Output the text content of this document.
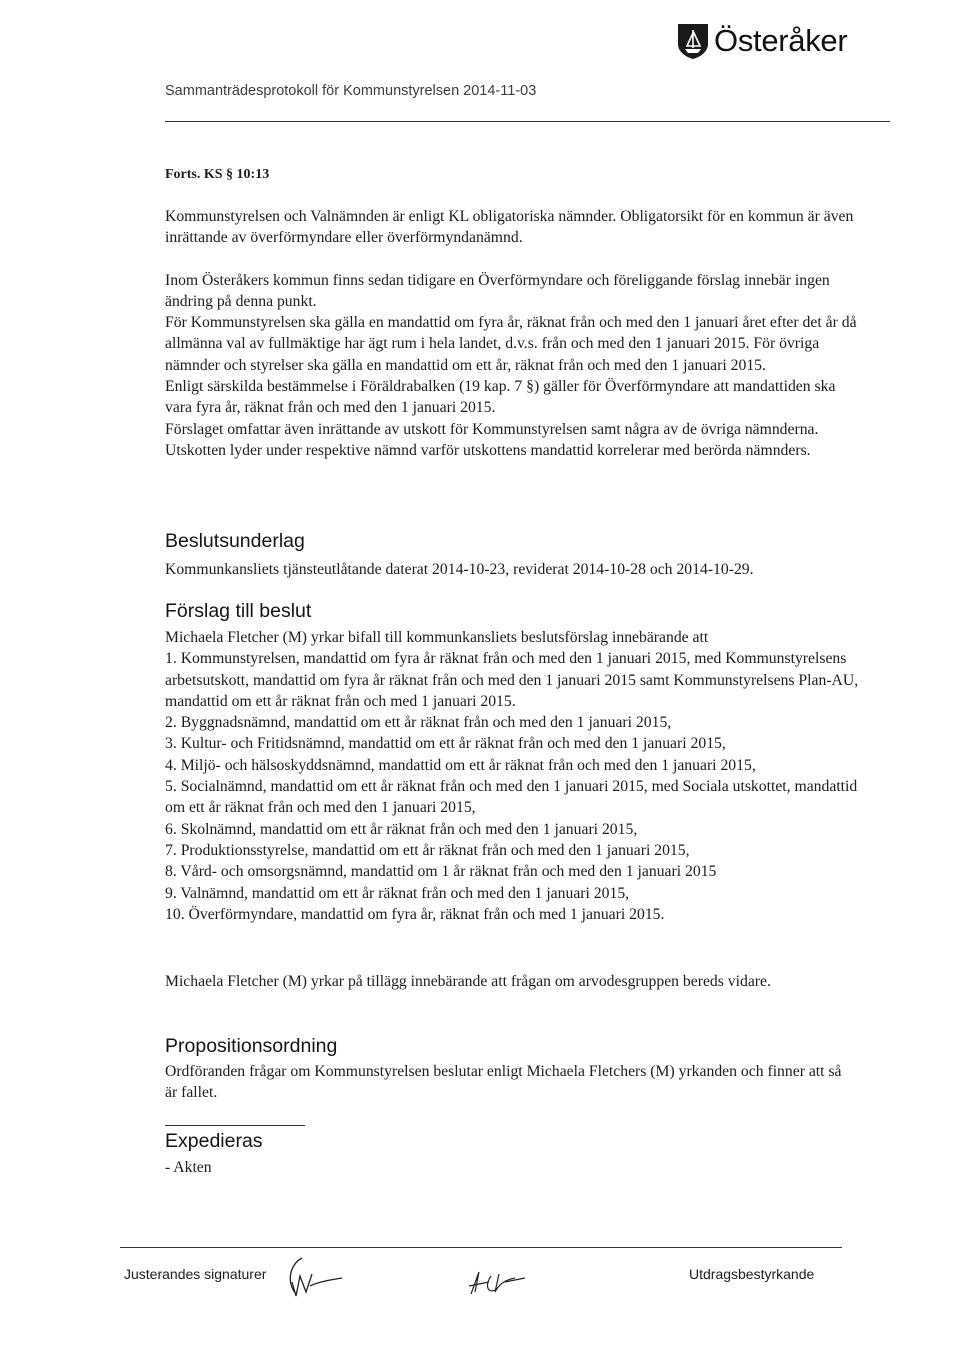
Österåker
Sammanträdesprotokoll för Kommunstyrelsen 2014-11-03
Forts. KS § 10:13

Kommunstyrelsen och Valnämnden är enligt KL obligatoriska nämnder. Obligatorsikt för en kommun är även inrättande av överförmyndare eller överförmyndanämnd.

Inom Österåkers kommun finns sedan tidigare en Överförmyndare och föreliggande förslag innebär ingen ändring på denna punkt.

För Kommunstyrelsen ska gälla en mandattid om fyra år, räknat från och med den 1 januari året efter det år då allmänna val av fullmäktige har ägt rum i hela landet, d.v.s. från och med den 1 januari 2015. För övriga nämnder och styrelser ska gälla en mandattid om ett år, räknat från och med den 1 januari 2015.

Enligt särskilda bestämmelse i Föräldrabalken (19 kap. 7 §) gäller för Överförmyndare att mandattiden ska vara fyra år, räknat från och med den 1 januari 2015.

Förslaget omfattar även inrättande av utskott för Kommunstyrelsen samt några av de övriga nämnderna. Utskotten lyder under respektive nämnd varför utskottens mandattid korrelerar med berörda nämnders.

Beslutsunderlag
Kommunkansliets tjänsteutlåtande daterat 2014-10-23, reviderat 2014-10-28 och 2014-10-29.
Förslag till beslut

Michaela Fletcher (M) yrkar bifall till kommunkansliets beslutsförslag innebärande att

1. Kommunstyrelsen, mandattid om fyra år räknat från och med den 1 januari 2015, med Kommunstyrelsens arbetsutskott, mandattid om fyra år räknat från och med den 1 januari 2015 samt Kommunstyrelsens Plan-AU, mandattid om ett år räknat från och med 1 januari 2015.
2. Byggnadsnämnd, mandattid om ett år räknat från och med den 1 januari 2015,
3. Kultur- och Fritidsnämnd, mandattid om ett år räknat från och med den 1 januari 2015,
4. Miljö- och hälsoskyddsnämnd, mandattid om ett år räknat från och med den 1 januari 2015,
5. Socialnämnd, mandattid om ett år räknat från och med den 1 januari 2015, med Sociala utskottet, mandattid om ett år räknat från och med den 1 januari 2015,
6. Skolnämnd, mandattid om ett år räknat från och med den 1 januari 2015,
7. Produktionsstyrelse, mandattid om ett år räknat från och med den 1 januari 2015,
8. Vård- och omsorgsnämnd, mandattid om 1 år räknat från och med den 1 januari 2015
9. Valnämnd, mandattid om ett år räknat från och med den 1 januari 2015,
10. Överförmyndare, mandattid om fyra år, räknat från och med 1 januari 2015.
Michaela Fletcher (M) yrkar på tillägg innebärande att frågan om arvodesgruppen bereds vidare.
Propositionsordning
Ordföranden frågar om Kommunstyrelsen beslutar enligt Michaela Fletchers (M) yrkanden och finner att så är fallet.
Expedieras
- Akten
Justerandes signaturer	Utdragsbestyrkande
